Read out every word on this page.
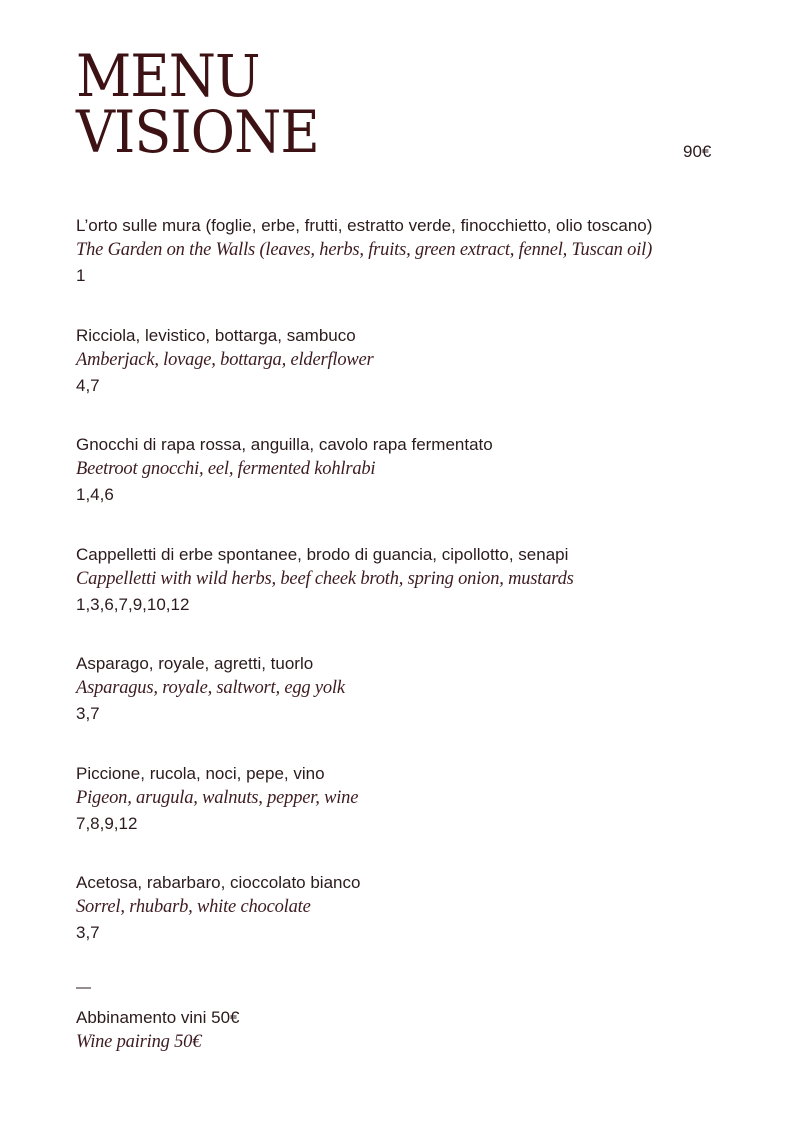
MENU
VISIONE	90€
L’orto sulle mura (foglie, erbe, frutti, estratto verde, finocchietto, olio toscano)
The Garden on the Walls (leaves, herbs, fruits, green extract, fennel, Tuscan oil)
1
Ricciola, levistico, bottarga, sambuco
Amberjack, lovage, bottarga, elderflower
4,7
Gnocchi di rapa rossa, anguilla, cavolo rapa fermentato
Beetroot gnocchi, eel, fermented kohlrabi
1,4,6
Cappelletti di erbe spontanee, brodo di guancia, cipollotto, senapi
Cappelletti with wild herbs, beef cheek broth, spring onion, mustards
1,3,6,7,9,10,12
Asparago, royale, agretti, tuorlo
Asparagus, royale, saltwort, egg yolk
3,7
Piccione, rucola, noci, pepe, vino
Pigeon, arugula, walnuts, pepper, wine
7,8,9,12
Acetosa, rabarbaro, cioccolato bianco
Sorrel, rhubarb, white chocolate
3,7
—
Abbinamento vini 50€
Wine pairing 50€
